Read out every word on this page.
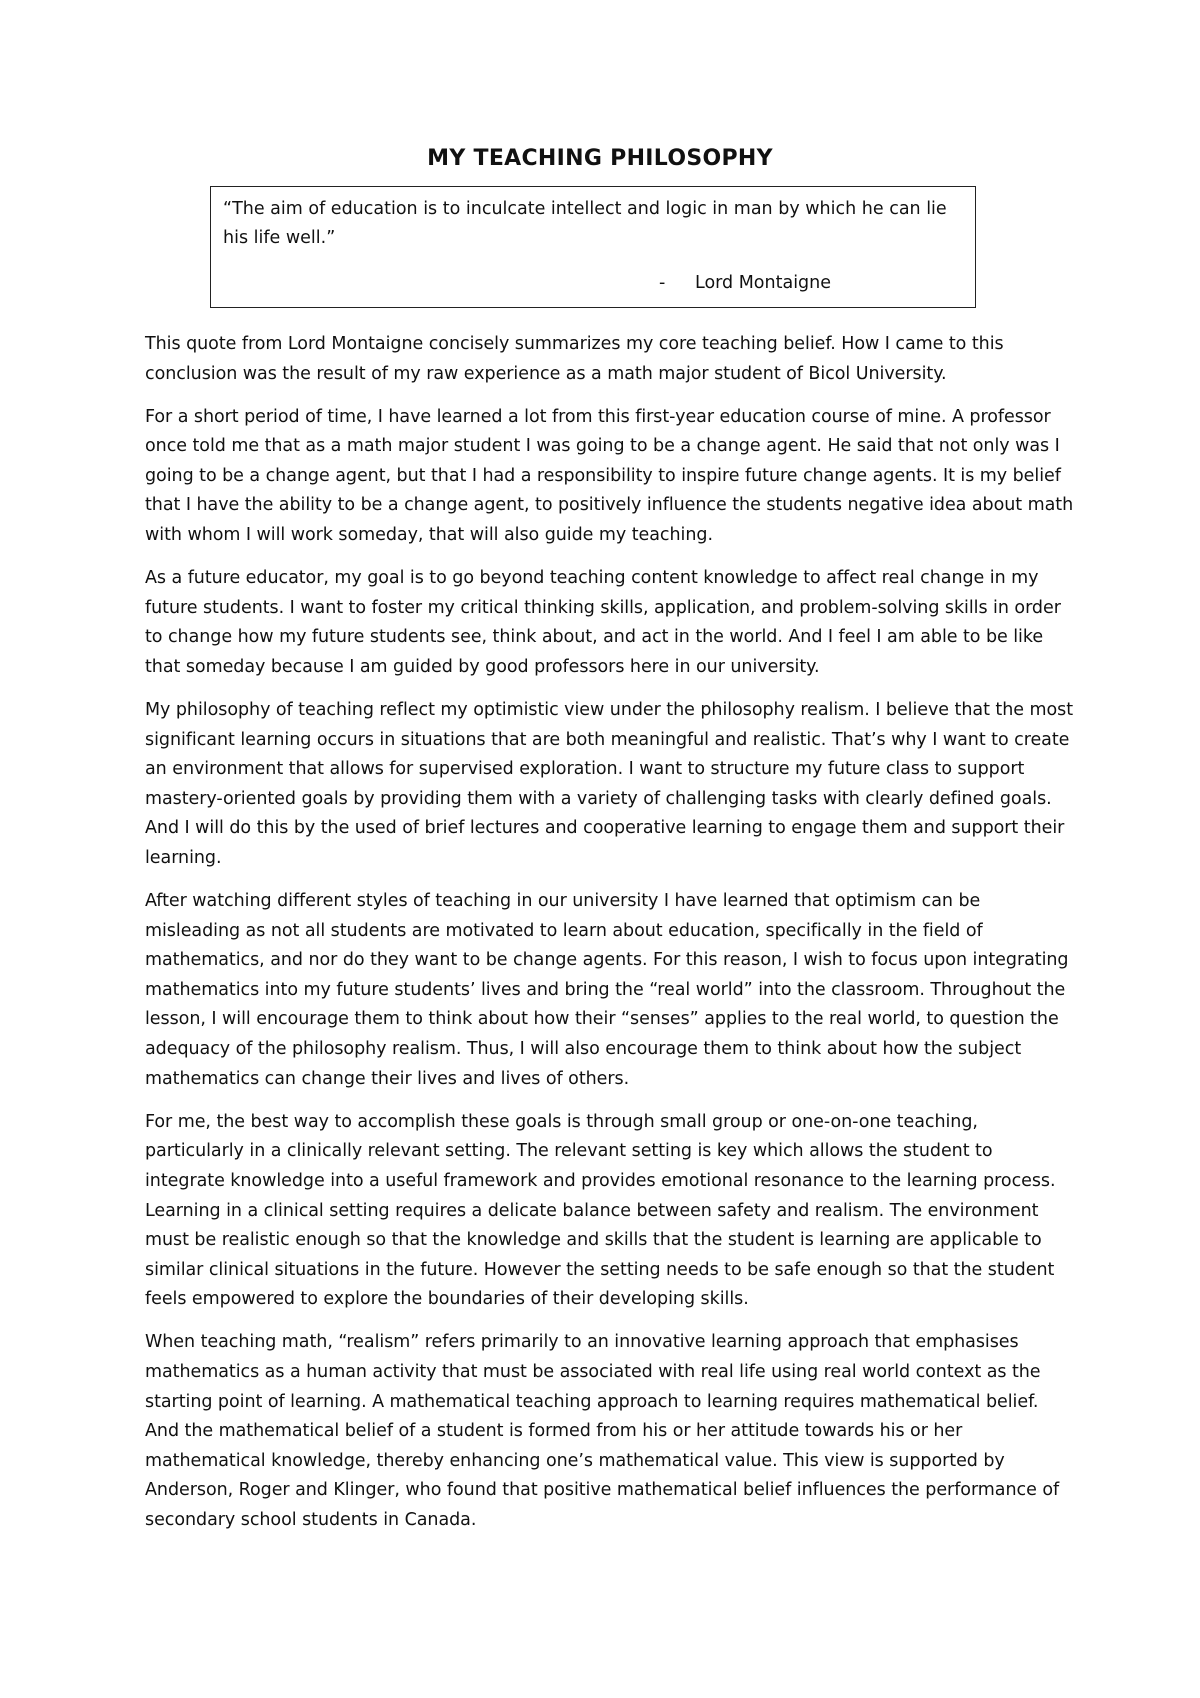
MY TEACHING PHILOSOPHY

“The aim of education is to inculcate intellect and logic in man by which he can lie his life well.”

- Lord Montaigne

This quote from Lord Montaigne concisely summarizes my core teaching belief. How I came to this conclusion was the result of my raw experience as a math major student of Bicol University.

For a short period of time, I have learned a lot from this first-year education course of mine. A professor once told me that as a math major student I was going to be a change agent. He said that not only was I going to be a change agent, but that I had a responsibility to inspire future change agents. It is my belief that I have the ability to be a change agent, to positively influence the students negative idea about math with whom I will work someday, that will also guide my teaching.

As a future educator, my goal is to go beyond teaching content knowledge to affect real change in my future students. I want to foster my critical thinking skills, application, and problem-solving skills in order to change how my future students see, think about, and act in the world. And I feel I am able to be like that someday because I am guided by good professors here in our university.

My philosophy of teaching reflect my optimistic view under the philosophy realism. I believe that the most significant learning occurs in situations that are both meaningful and realistic. That’s why I want to create an environment that allows for supervised exploration. I want to structure my future class to support mastery-oriented goals by providing them with a variety of challenging tasks with clearly defined goals. And I will do this by the used of brief lectures and cooperative learning to engage them and support their learning.

After watching different styles of teaching in our university I have learned that optimism can be misleading as not all students are motivated to learn about education, specifically in the field of mathematics, and nor do they want to be change agents. For this reason, I wish to focus upon integrating mathematics into my future students’ lives and bring the “real world” into the classroom. Throughout the lesson, I will encourage them to think about how their “senses” applies to the real world, to question the adequacy of the philosophy realism. Thus, I will also encourage them to think about how the subject mathematics can change their lives and lives of others.

For me, the best way to accomplish these goals is through small group or one-on-one teaching, particularly in a clinically relevant setting. The relevant setting is key which allows the student to integrate knowledge into a useful framework and provides emotional resonance to the learning process. Learning in a clinical setting requires a delicate balance between safety and realism. The environment must be realistic enough so that the knowledge and skills that the student is learning are applicable to similar clinical situations in the future. However the setting needs to be safe enough so that the student feels empowered to explore the boundaries of their developing skills.

When teaching math, “realism” refers primarily to an innovative learning approach that emphasises mathematics as a human activity that must be associated with real life using real world context as the starting point of learning. A mathematical teaching approach to learning requires mathematical belief. And the mathematical belief of a student is formed from his or her attitude towards his or her mathematical knowledge, thereby enhancing one’s mathematical value. This view is supported by Anderson, Roger and Klinger, who found that positive mathematical belief influences the performance of secondary school students in Canada.
